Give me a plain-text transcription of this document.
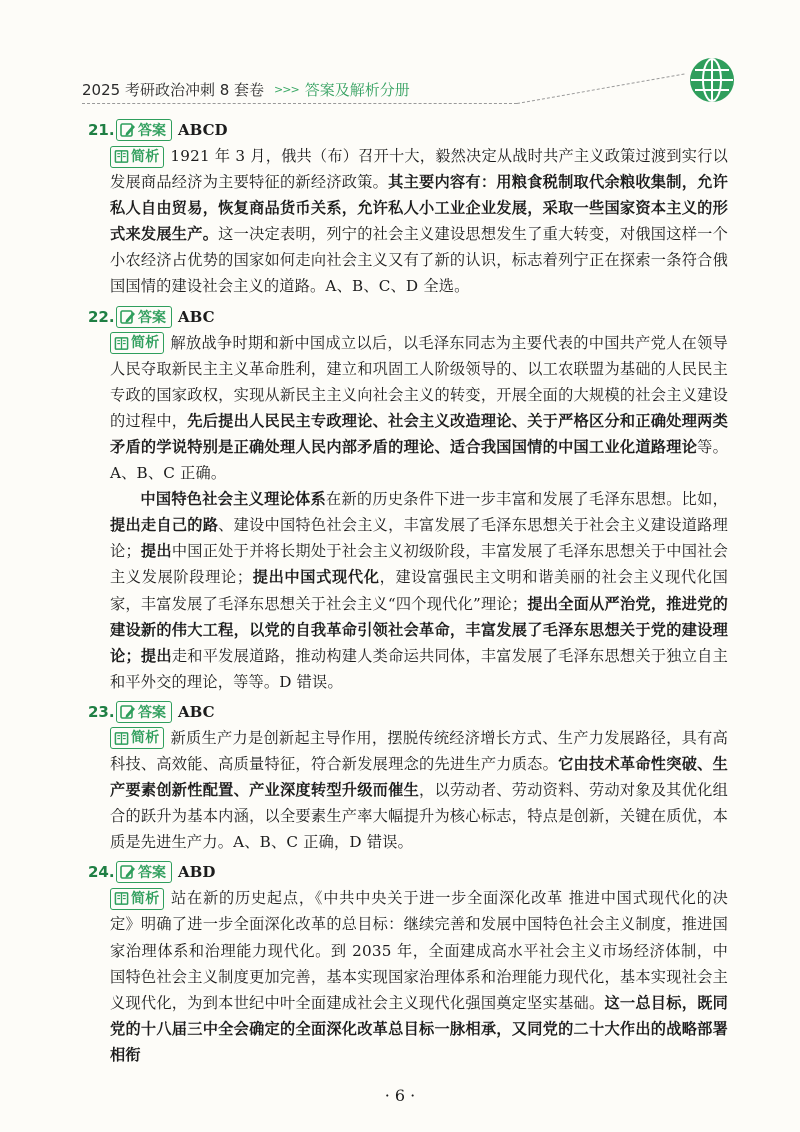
2025 考研政治冲刺 8 套卷 >>> 答案及解析分册
21. 答案 ABCD
简析 1921 年 3 月，俄共（布）召开十大，毅然决定从战时共产主义政策过渡到实行以发展商品经济为主要特征的新经济政策。其主要内容有：用粮食税制取代余粮收集制，允许私人自由贸易，恢复商品货币关系，允许私人小工业企业发展，采取一些国家资本主义的形式来发展生产。这一决定表明，列宁的社会主义建设思想发生了重大转变，对俄国这样一个小农经济占优势的国家如何走向社会主义又有了新的认识，标志着列宁正在探索一条符合俄国国情的建设社会主义的道路。A、B、C、D 全选。
22. 答案 ABC
简析 解放战争时期和新中国成立以后，以毛泽东同志为主要代表的中国共产党人在领导人民夺取新民主主义革命胜利，建立和巩固工人阶级领导的、以工农联盟为基础的人民民主专政的国家政权，实现从新民主主义向社会主义的转变，开展全面的大规模的社会主义建设的过程中，先后提出人民民主专政理论、社会主义改造理论、关于严格区分和正确处理两类矛盾的学说特别是正确处理人民内部矛盾的理论、适合我国国情的中国工业化道路理论等。A、B、C 正确。
中国特色社会主义理论体系在新的历史条件下进一步丰富和发展了毛泽东思想。比如，提出走自己的路、建设中国特色社会主义，丰富发展了毛泽东思想关于社会主义建设道路理论；提出中国正处于并将长期处于社会主义初级阶段，丰富发展了毛泽东思想关于中国社会主义发展阶段理论；提出中国式现代化，建设富强民主文明和谐美丽的社会主义现代化国家，丰富发展了毛泽东思想关于社会主义“四个现代化”理论；提出全面从严治党，推进党的建设新的伟大工程，以党的自我革命引领社会革命，丰富发展了毛泽东思想关于党的建设理论；提出走和平发展道路，推动构建人类命运共同体，丰富发展了毛泽东思想关于独立自主和平外交的理论，等等。D 错误。
23. 答案 ABC
简析 新质生产力是创新起主导作用，摆脱传统经济增长方式、生产力发展路径，具有高科技、高效能、高质量特征，符合新发展理念的先进生产力质态。它由技术革命性突破、生产要素创新性配置、产业深度转型升级而催生，以劳动者、劳动资料、劳动对象及其优化组合的跃升为基本内涵，以全要素生产率大幅提升为核心标志，特点是创新，关键在质优，本质是先进生产力。A、B、C 正确，D 错误。
24. 答案 ABD
简析 站在新的历史起点，《中共中央关于进一步全面深化改革 推进中国式现代化的决定》明确了进一步全面深化改革的总目标：继续完善和发展中国特色社会主义制度，推进国家治理体系和治理能力现代化。到 2035 年，全面建成高水平社会主义市场经济体制，中国特色社会主义制度更加完善，基本实现国家治理体系和治理能力现代化，基本实现社会主义现代化，为到本世纪中叶全面建成社会主义现代化强国奠定坚实基础。这一总目标，既同党的十八届三中全会确定的全面深化改革总目标一脉相承，又同党的二十大作出的战略部署相衔
· 6 ·
